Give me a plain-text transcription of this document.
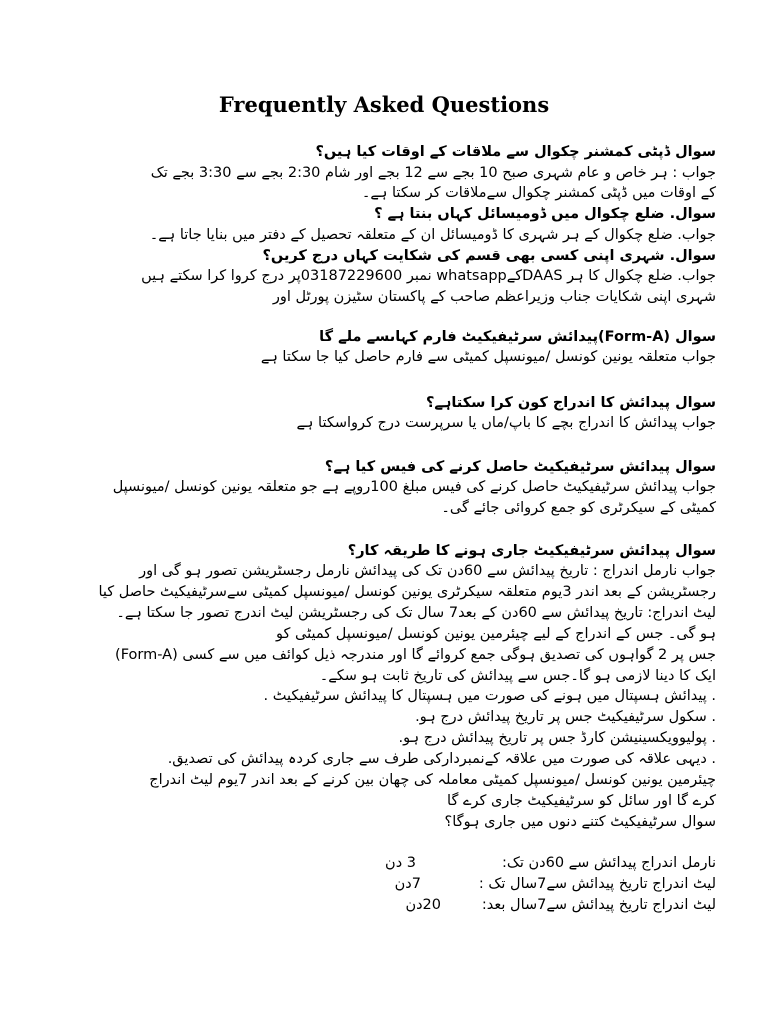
Frequently Asked Questions
سوال ڈپٹی کمشنر چکوال سے ملاقات کے اوقات کیا ہیں؟
جواب : ہر خاص و عام شہری صبح 10 بجے سے 12 بجے اور شام 2:30 بجے سے 3:30 بجے تک
کے اوقات میں ڈپٹی کمشنر چکوال سےملاقات کر سکتا ہے۔
سوال. ضلع چکوال میں ڈومیسائل کہاں بنتا ہے ؟
جواب. ضلع چکوال کے ہر شہری کا ڈومیسائل ان کے متعلقہ تحصیل کے دفتر میں بنایا جاتا ہے۔
سوال. شہری اپنی کسی بھی قسم کی شکایت کہاں درج کریں؟
جواب. ضلع چکوال کا ہر DAASکےwhatsapp نمبر 03187229600پر درج کروا کرا سکتے ہیں
شہری اپنی شکایات جناب وزیراعظم صاحب کے پاکستان سٹیزن پورٹل اور
سوال (Form-A)پیدائش سرٹیفیکیٹ فارم کہاںسے ملے گا
جواب متعلقہ یونین کونسل /میونسپل کمیٹی سے فارم حاصل کیا جا سکتا ہے
سوال پیدائش کا اندراج کون کرا سکتاہے؟
جواب پیدائش کا اندراج بچے کا باپ/ماں یا سرپرست درج کرواسکتا ہے
سوال پیدائش سرٹیفیکیٹ حاصل کرنے کی فیس کیا ہے؟
جواب پیدائش سرٹیفیکیٹ حاصل کرنے کی فیس مبلغ 100روپے ہے جو متعلقہ یونین کونسل /میونسپل
کمیٹی کے سیکرٹری کو جمع کروائی جائے گی۔
سوال پیدائش سرٹیفیکیٹ جاری ہونے کا طریقہ کار؟
جواب نارمل اندراج : تاریخ پیدائش سے 60دن تک کی پیدائش نارمل رجسٹریشن تصور ہو گی اور
رجسٹریشن کے بعد اندر 3یوم متعلقہ سیکرٹری یونین کونسل /میونسپل کمیٹی سےسرٹیفیکیٹ حاصل کیا
لیٹ اندراج: تاریخ پیدائش سے 60دن کے بعد7 سال تک کی رجسٹریشن لیٹ اندرج تصور جا سکتا ہے۔
ہو گی۔ جس کے اندراج کے لیے چیئرمین یونین کونسل /میونسپل کمیٹی کو
جس پر 2 گواہوں کی تصدیق ہوگی جمع کروائے گا اور مندرجہ ذیل کوائف میں سے کسی (Form-A)
ایک کا دینا لازمی ہو گا۔جس سے پیدائش کی تاریخ ثابت ہو سکے۔
. پیدائش ہسپتال میں ہونے کی صورت میں ہسپتال کا پیدائش سرٹیفیکیٹ .
. سکول سرٹیفیکیٹ جس پر تاریخ پیدائش درج ہو.
. پولیوویکسینیشن کارڈ جس پر تاریخ پیدائش درج ہو.
. دیہی علاقہ کی صورت میں علاقہ کےنمبردارکی طرف سے جاری کردہ پیدائش کی تصدیق.
چیئرمین یونین کونسل /میونسپل کمیٹی معاملہ کی چھان بین کرنے کے بعد اندر 7یوم لیٹ اندراج
کرے گا اور سائل کو سرٹیفیکیٹ جاری کرے گا
سوال سرٹیفیکیٹ کتنے دنوں میں جاری ہوگا؟
نارمل اندراج پیدائش سے 60دن تک:
3 دن
لیٹ اندراج تاریخ پیدائش سے7سال تک :
7دن
لیٹ اندراج تاریخ پیدائش سے7سال بعد:
20دن
